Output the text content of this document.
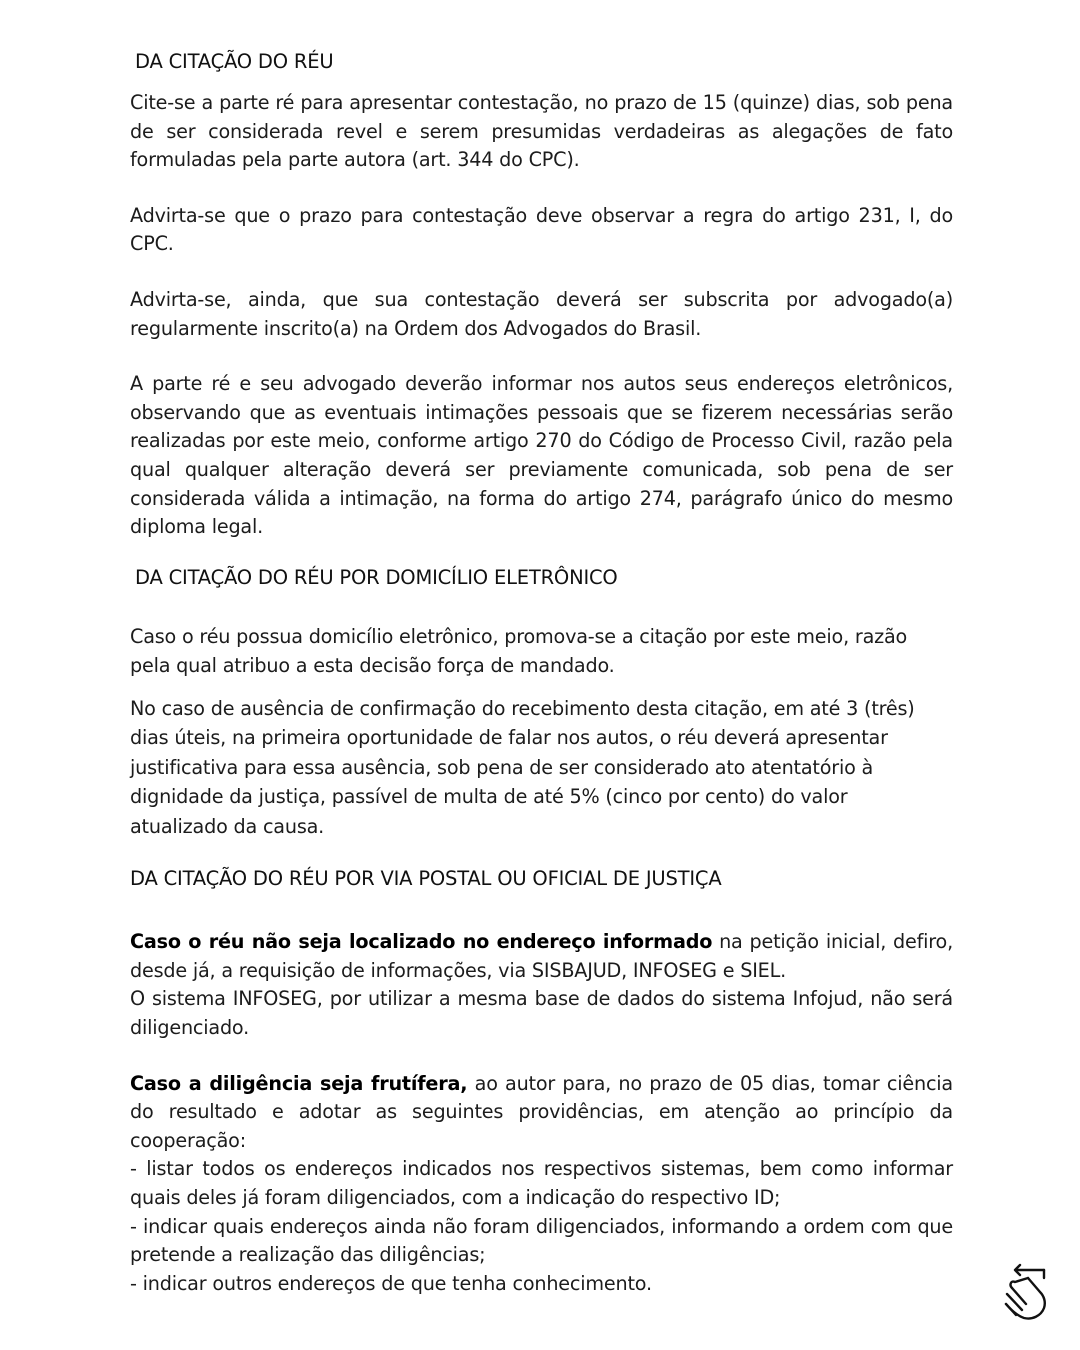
DA CITAÇÃO DO RÉU

Cite-se a parte ré para apresentar contestação, no prazo de 15 (quinze) dias, sob pena de ser considerada revel e serem presumidas verdadeiras as alegações de fato formuladas pela parte autora (art. 344 do CPC).

Advirta-se que o prazo para contestação deve observar a regra do artigo 231, I, do CPC.

Advirta-se, ainda, que sua contestação deverá ser subscrita por advogado(a) regularmente inscrito(a) na Ordem dos Advogados do Brasil.

A parte ré e seu advogado deverão informar nos autos seus endereços eletrônicos, observando que as eventuais intimações pessoais que se fizerem necessárias serão realizadas por este meio, conforme artigo 270 do Código de Processo Civil, razão pela qual qualquer alteração deverá ser previamente comunicada, sob pena de ser considerada válida a intimação, na forma do artigo 274, parágrafo único do mesmo diploma legal.

DA CITAÇÃO DO RÉU POR DOMICÍLIO ELETRÔNICO

Caso o réu possua domicílio eletrônico, promova-se a citação por este meio, razão pela qual atribuo a esta decisão força de mandado.

No caso de ausência de confirmação do recebimento desta citação, em até 3 (três) dias úteis, na primeira oportunidade de falar nos autos, o réu deverá apresentar justificativa para essa ausência, sob pena de ser considerado ato atentatório à dignidade da justiça, passível de multa de até 5% (cinco por cento) do valor atualizado da causa.

DA CITAÇÃO DO RÉU POR VIA POSTAL OU OFICIAL DE JUSTIÇA

Caso o réu não seja localizado no endereço informado na petição inicial, defiro, desde já, a requisição de informações, via SISBAJUD, INFOSEG e SIEL.
O sistema INFOSEG, por utilizar a mesma base de dados do sistema Infojud, não será diligenciado.

Caso a diligência seja frutífera, ao autor para, no prazo de 05 dias, tomar ciência do resultado e adotar as seguintes providências, em atenção ao princípio da cooperação:
- listar todos os endereços indicados nos respectivos sistemas, bem como informar quais deles já foram diligenciados, com a indicação do respectivo ID;
- indicar quais endereços ainda não foram diligenciados, informando a ordem com que pretende a realização das diligências;
- indicar outros endereços de que tenha conhecimento.
